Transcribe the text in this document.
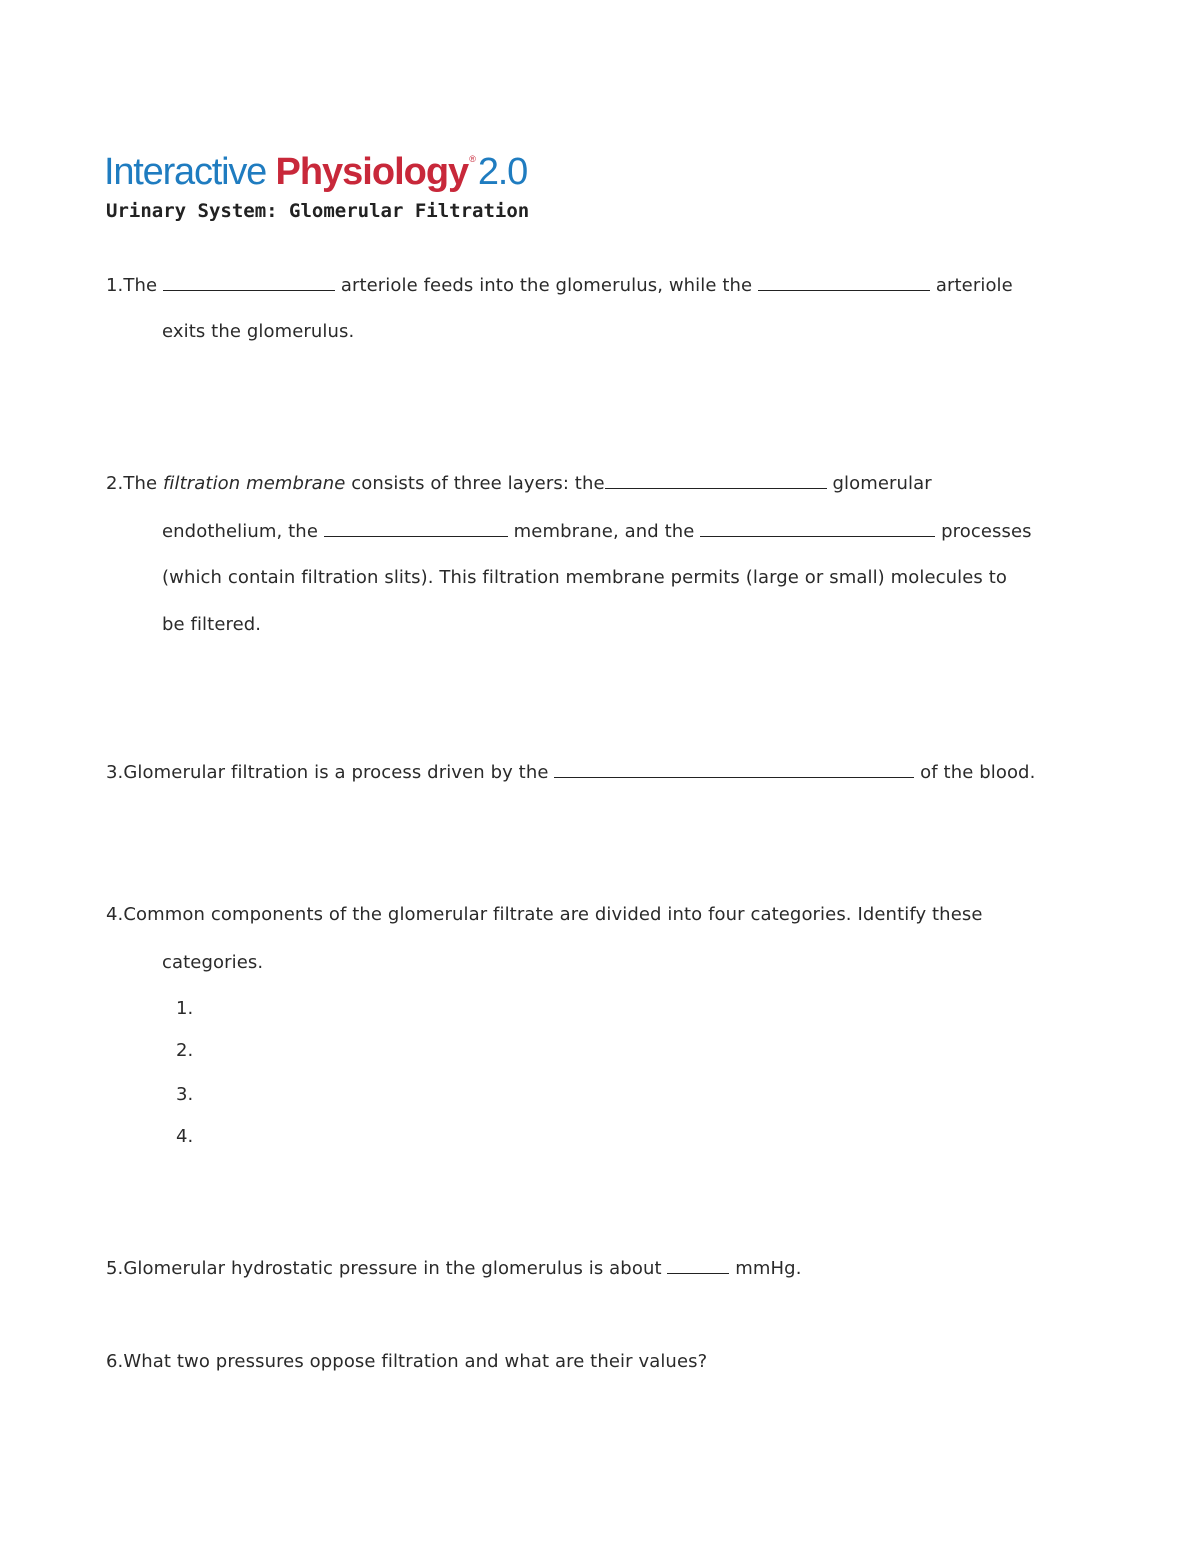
Interactive Physiology®2.0
Urinary System: Glomerular Filtration
1.The	arteriole feeds into the glomerulus, while the	arteriole
exits the glomerulus.
2.The filtration membrane consists of three layers: the	glomerular
endothelium, the	membrane, and the	processes
(which contain filtration slits). This filtration membrane permits (large or small) molecules to
be filtered.
3.Glomerular filtration is a process driven by the	of the blood.
4.Common components of the glomerular filtrate are divided into four categories. Identify these
categories.
1.
2.
3.
4.
5.Glomerular hydrostatic pressure in the glomerulus is about	mmHg.
6.What two pressures oppose filtration and what are their values?
